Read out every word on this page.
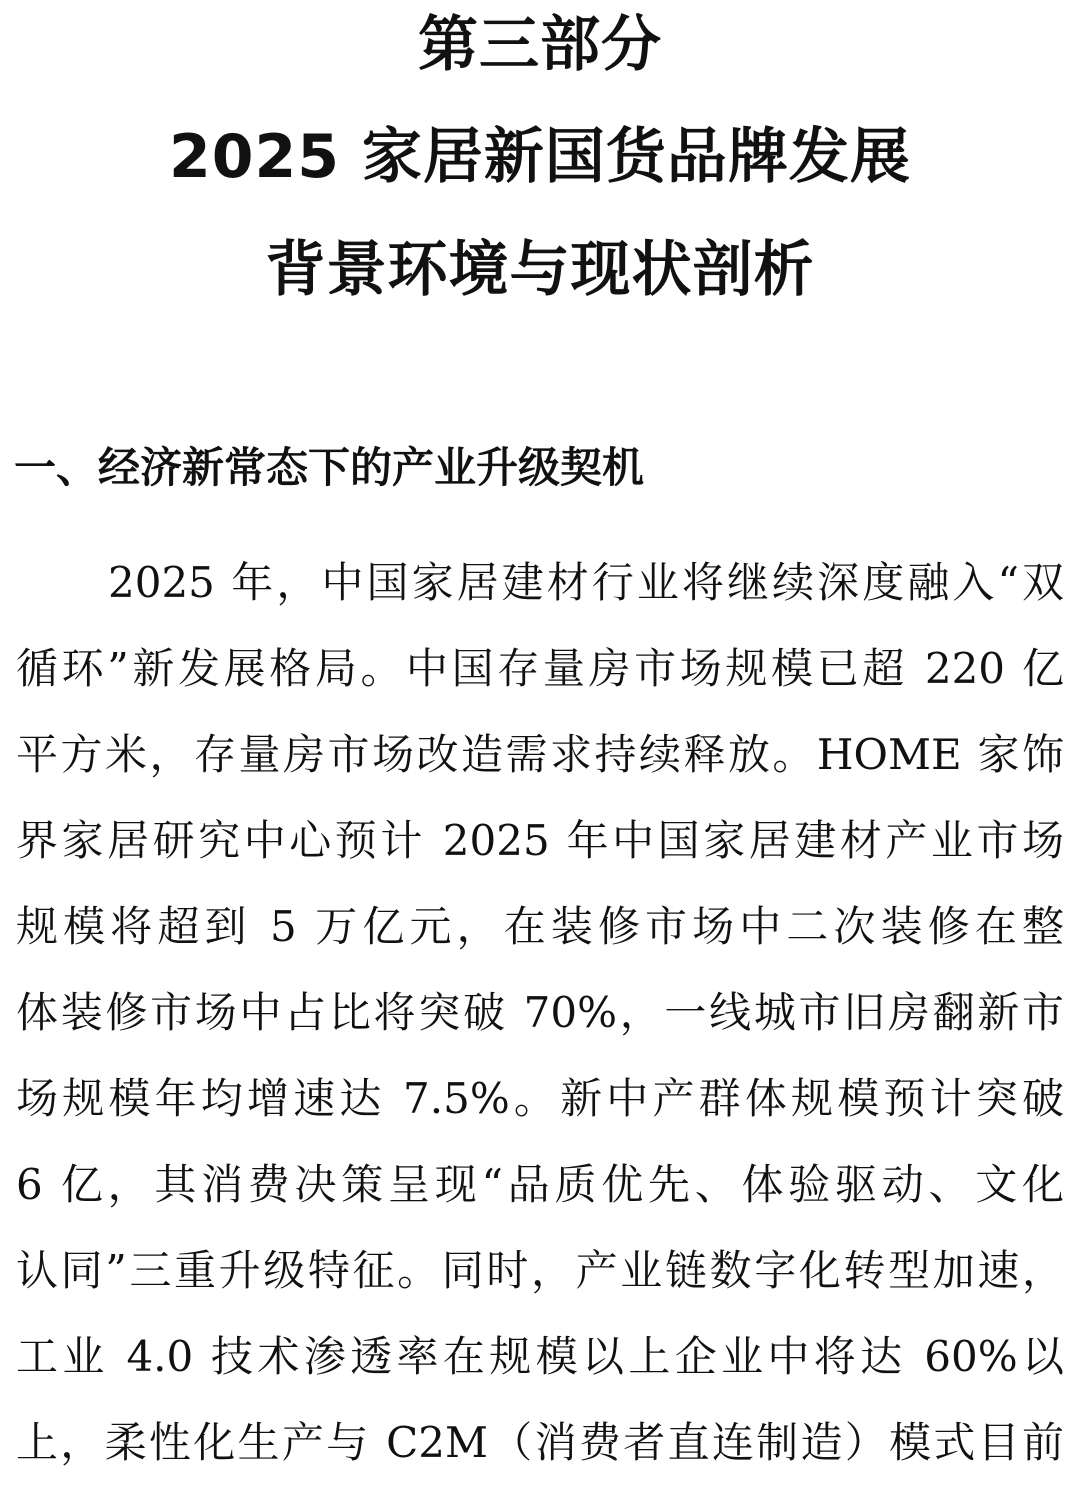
第三部分
2025 家居新国货品牌发展
背景环境与现状剖析
一、经济新常态下的产业升级契机
2025 年，中国家居建材行业将继续深度融入“双
循环”新发展格局。中国存量房市场规模已超 220 亿
平方米，存量房市场改造需求持续释放。HOME 家饰
界家居研究中心预计 2025 年中国家居建材产业市场
规模将超到 5 万亿元，在装修市场中二次装修在整
体装修市场中占比将突破 70%，一线城市旧房翻新市
场规模年均增速达 7.5%。新中产群体规模预计突破
6 亿，其消费决策呈现“品质优先、体验驱动、文化
认同”三重升级特征。同时，产业链数字化转型加速，
工业 4.0 技术渗透率在规模以上企业中将达 60%以
上，柔性化生产与 C2M（消费者直连制造）模式目前
